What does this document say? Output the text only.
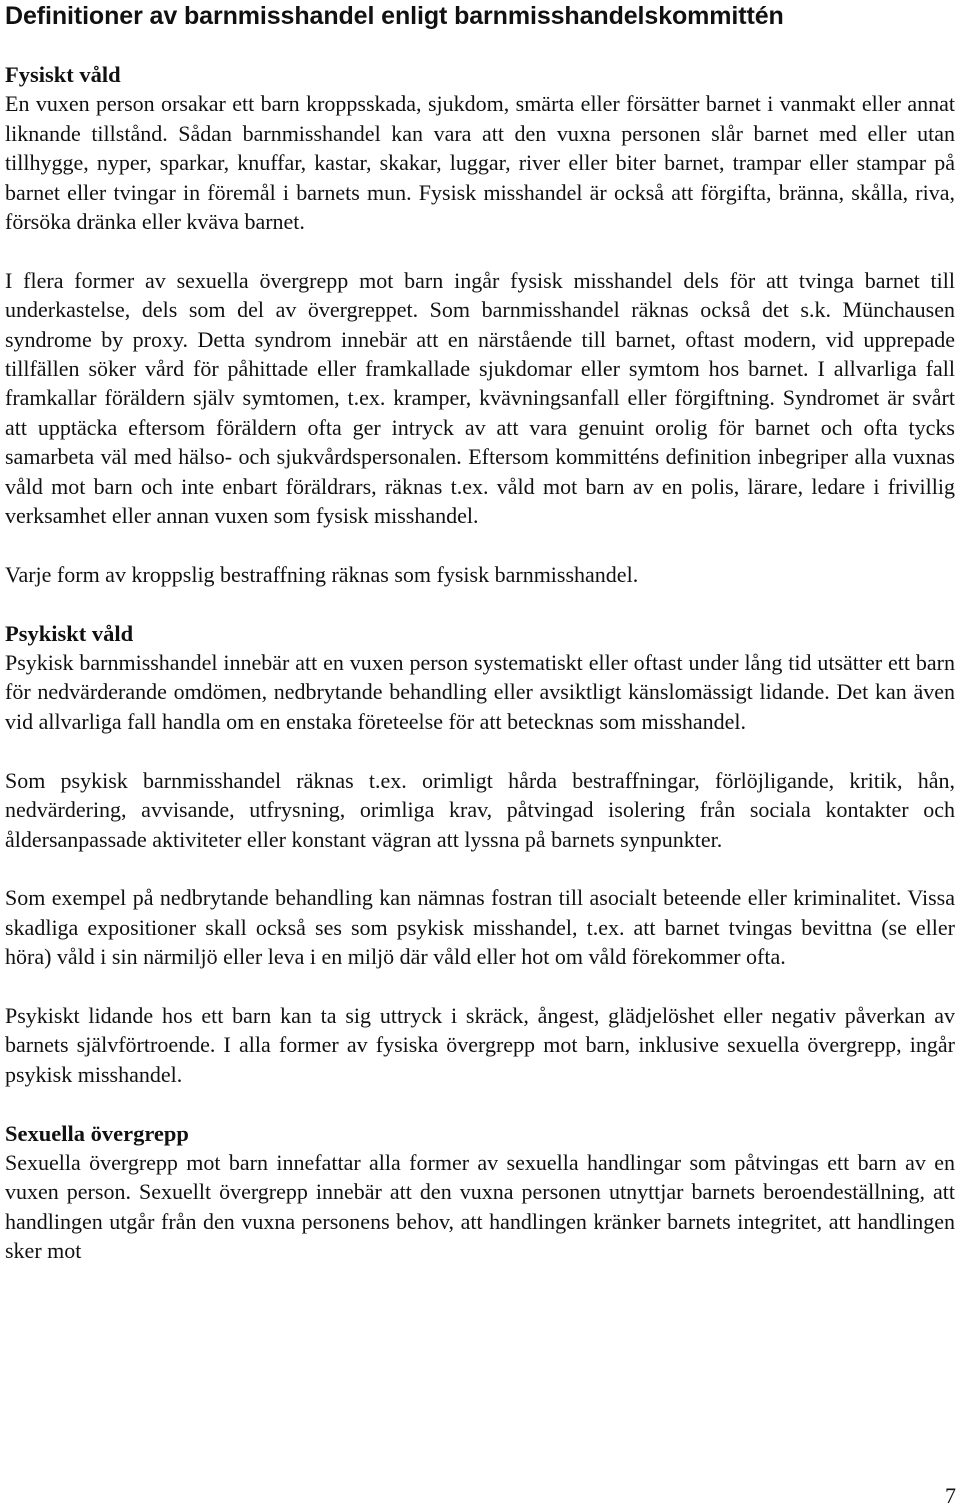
Definitioner av barnmisshandel enligt barnmisshandelskommittén
Fysiskt våld

En vuxen person orsakar ett barn kroppsskada, sjukdom, smärta eller försätter barnet i vanmakt eller annat liknande tillstånd. Sådan barnmisshandel kan vara att den vuxna personen slår barnet med eller utan tillhygge, nyper, sparkar, knuffar, kastar, skakar, luggar, river eller biter barnet, trampar eller stampar på barnet eller tvingar in föremål i barnets mun. Fysisk misshandel är också att förgifta, bränna, skålla, riva, försöka dränka eller kväva barnet.

I flera former av sexuella övergrepp mot barn ingår fysisk misshandel dels för att tvinga barnet till underkastelse, dels som del av övergreppet. Som barnmisshandel räknas också det s.k. Münchausen syndrome by proxy. Detta syndrom innebär att en närstående till barnet, oftast modern, vid upprepade tillfällen söker vård för påhittade eller framkallade sjukdomar eller symtom hos barnet. I allvarliga fall framkallar föräldern själv symtomen, t.ex. kramper, kvävningsanfall eller förgiftning. Syndromet är svårt att upptäcka eftersom föräldern ofta ger intryck av att vara genuint orolig för barnet och ofta tycks samarbeta väl med hälso- och sjukvårdspersonalen. Eftersom kommitténs definition inbegriper alla vuxnas våld mot barn och inte enbart föräldrars, räknas t.ex. våld mot barn av en polis, lärare, ledare i frivillig verksamhet eller annan vuxen som fysisk misshandel.

Varje form av kroppslig bestraffning räknas som fysisk barnmisshandel.

Psykiskt våld

Psykisk barnmisshandel innebär att en vuxen person systematiskt eller oftast under lång tid utsätter ett barn för nedvärderande omdömen, nedbrytande behandling eller avsiktligt känslomässigt lidande. Det kan även vid allvarliga fall handla om en enstaka företeelse för att betecknas som misshandel.

Som psykisk barnmisshandel räknas t.ex. orimligt hårda bestraffningar, förlöjligande, kritik, hån, nedvärdering, avvisande, utfrysning, orimliga krav, påtvingad isolering från sociala kontakter och åldersanpassade aktiviteter eller konstant vägran att lyssna på barnets synpunkter.

Som exempel på nedbrytande behandling kan nämnas fostran till asocialt beteende eller kriminalitet. Vissa skadliga expositioner skall också ses som psykisk misshandel, t.ex. att barnet tvingas bevittna (se eller höra) våld i sin närmiljö eller leva i en miljö där våld eller hot om våld förekommer ofta.

Psykiskt lidande hos ett barn kan ta sig uttryck i skräck, ångest, glädjelöshet eller negativ påverkan av barnets självförtroende. I alla former av fysiska övergrepp mot barn, inklusive sexuella övergrepp, ingår psykisk misshandel.

Sexuella övergrepp

Sexuella övergrepp mot barn innefattar alla former av sexuella handlingar som påtvingas ett barn av en vuxen person. Sexuellt övergrepp innebär att den vuxna personen utnyttjar barnets beroendeställning, att handlingen utgår från den vuxna personens behov, att handlingen kränker barnets integritet, att handlingen sker mot

7
